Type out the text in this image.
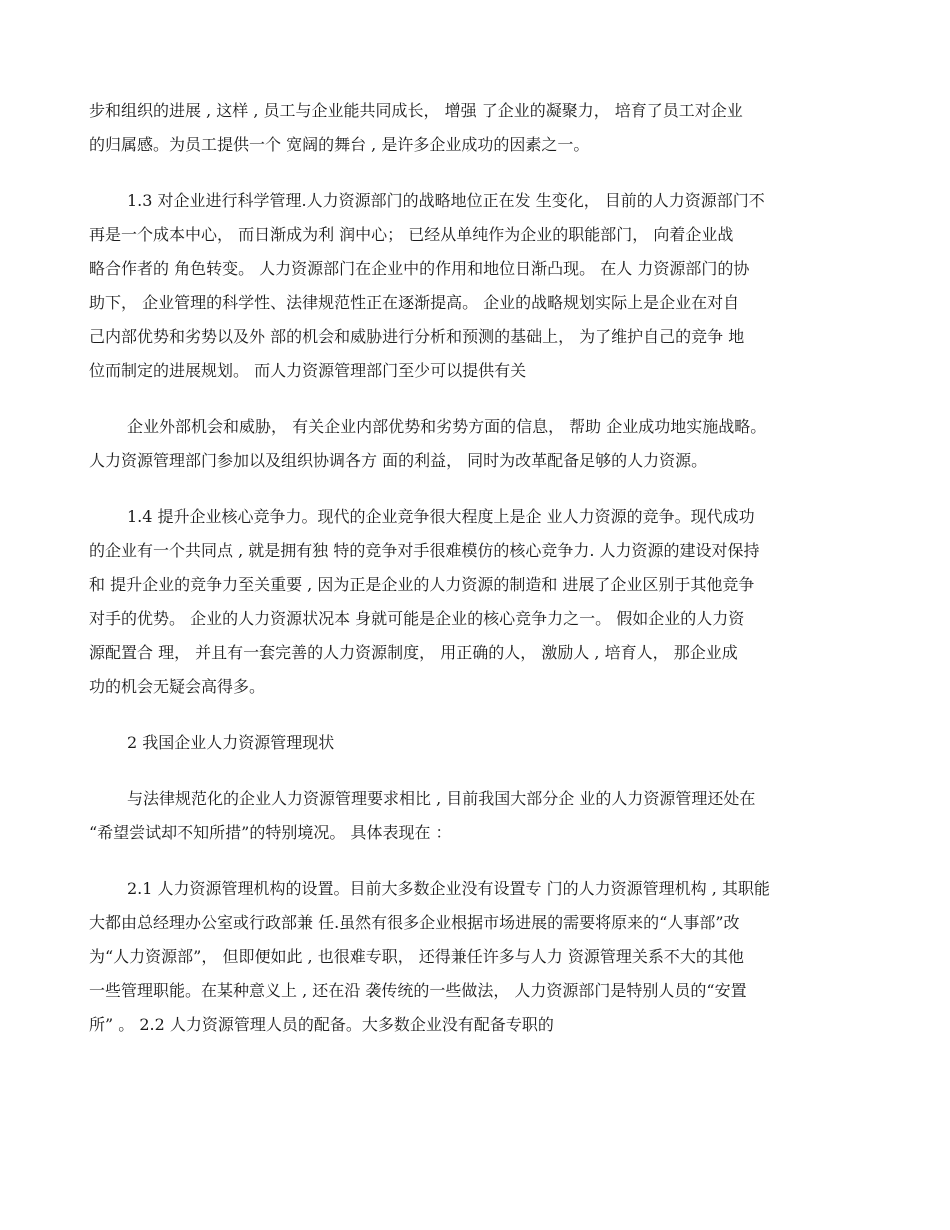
步和组织的进展 , 这样 , 员工与企业能共同成长， 增强 了企业的凝聚力， 培育了员工对企业

的归属感。为员工提供一个 宽阔的舞台 , 是许多企业成功的因素之一。

1.3 对企业进行科学管理.人力资源部门的战略地位正在发 生变化， 目前的人力资源部门不

再是一个成本中心， 而日渐成为利 润中心； 已经从单纯作为企业的职能部门， 向着企业战

略合作者的 角色转变。 人力资源部门在企业中的作用和地位日渐凸现。 在人 力资源部门的协

助下， 企业管理的科学性、法律规范性正在逐渐提高。 企业的战略规划实际上是企业在对自

己内部优势和劣势以及外 部的机会和威胁进行分析和预测的基础上， 为了维护自己的竞争 地

位而制定的进展规划。 而人力资源管理部门至少可以提供有关

企业外部机会和威胁， 有关企业内部优势和劣势方面的信息， 帮助 企业成功地实施战略。

人力资源管理部门参加以及组织协调各方 面的利益， 同时为改革配备足够的人力资源。

1.4 提升企业核心竞争力。现代的企业竞争很大程度上是企 业人力资源的竞争。现代成功

的企业有一个共同点 , 就是拥有独 特的竞争对手很难模仿的核心竞争力. 人力资源的建设对保持

和 提升企业的竞争力至关重要 , 因为正是企业的人力资源的制造和 进展了企业区别于其他竞争

对手的优势。 企业的人力资源状况本 身就可能是企业的核心竞争力之一。 假如企业的人力资

源配置合 理， 并且有一套完善的人力资源制度， 用正确的人， 激励人 , 培育人， 那企业成

功的机会无疑会高得多。

2 我国企业人力资源管理现状

与法律规范化的企业人力资源管理要求相比 , 目前我国大部分企 业的人力资源管理还处在

“希望尝试却不知所措”的特别境况。 具体表现在 ：

2.1 人力资源管理机构的设置。目前大多数企业没有设置专 门的人力资源管理机构 , 其职能

大都由总经理办公室或行政部兼 任.虽然有很多企业根据市场进展的需要将原来的“人事部”改

为“人力资源部”， 但即便如此 , 也很难专职， 还得兼任许多与人力 资源管理关系不大的其他

一些管理职能。在某种意义上 , 还在沿 袭传统的一些做法， 人力资源部门是特别人员的“安置

所” 。 2.2 人力资源管理人员的配备。大多数企业没有配备专职的
